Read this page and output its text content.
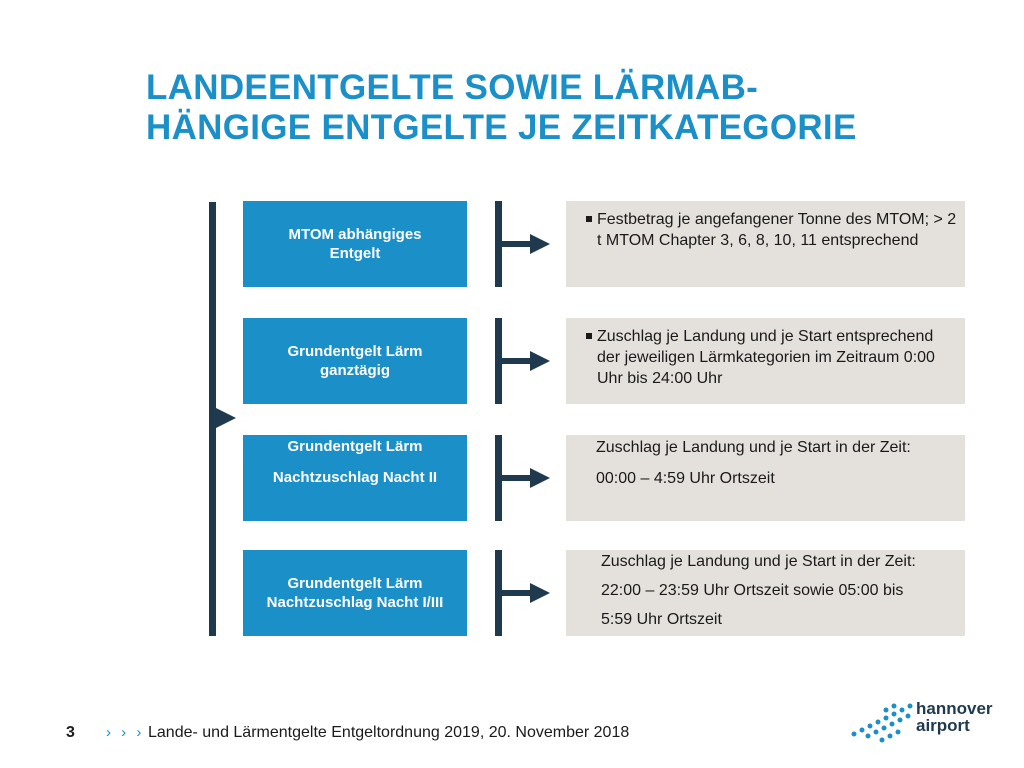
LANDEENTGELTE SOWIE LÄRMAB-
HÄNGIGE ENTGELTE JE ZEITKATEGORIE
MTOM abhängiges
Entgelt
Festbetrag je angefangener Tonne des MTOM; > 2 t MTOM Chapter 3, 6, 8, 10, 11 entsprechend
Grundentgelt Lärm
ganztägig
Zuschlag je Landung und je Start entsprechend der jeweiligen Lärmkategorien im Zeitraum 0:00 Uhr bis 24:00 Uhr
Grundentgelt Lärm
Nachtzuschlag Nacht II
Zuschlag je Landung und je Start in der Zeit:
00:00 – 4:59 Uhr Ortszeit
Grundentgelt Lärm
Nachtzuschlag Nacht I/III
Zuschlag je Landung und je Start in der Zeit:
22:00 – 23:59 Uhr Ortszeit sowie 05:00 bis
5:59 Uhr Ortszeit
3 › › › Lande- und Lärmentgelte Entgeltordnung 2019, 20. November 2018
hannover
airport
